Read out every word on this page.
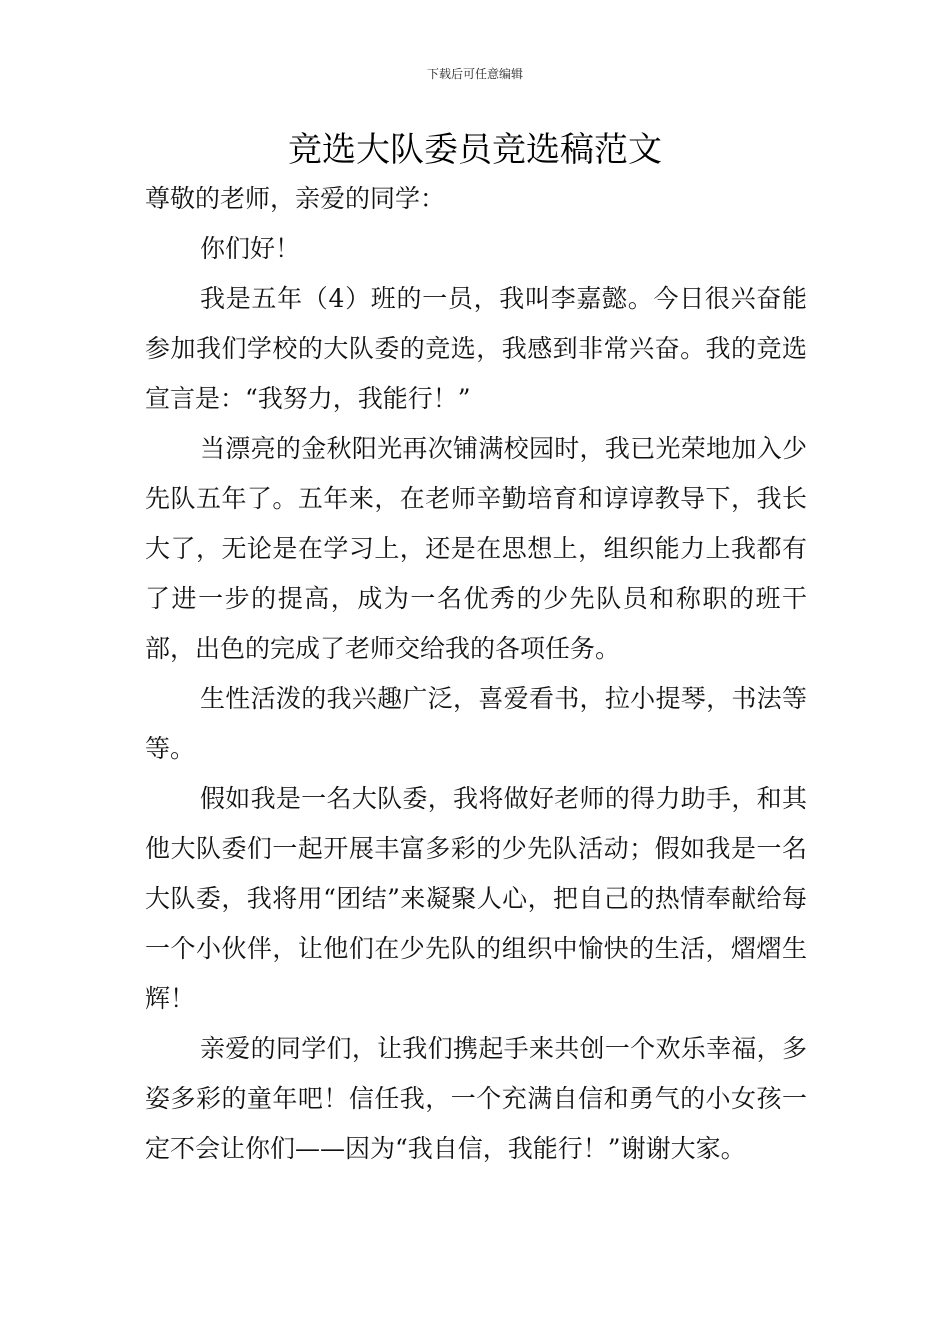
下载后可任意编辑
竞选大队委员竞选稿范文

尊敬的老师，亲爱的同学：

你们好！

我是五年（4）班的一员，我叫李嘉懿。今日很兴奋能参加我们学校的大队委的竞选，我感到非常兴奋。我的竞选宣言是：“我努力，我能行！”

当漂亮的金秋阳光再次铺满校园时，我已光荣地加入少先队五年了。五年来，在老师辛勤培育和谆谆教导下，我长大了，无论是在学习上，还是在思想上，组织能力上我都有了进一步的提高，成为一名优秀的少先队员和称职的班干部，出色的完成了老师交给我的各项任务。

生性活泼的我兴趣广泛，喜爱看书，拉小提琴，书法等等。

假如我是一名大队委，我将做好老师的得力助手，和其他大队委们一起开展丰富多彩的少先队活动；假如我是一名大队委，我将用“团结”来凝聚人心，把自己的热情奉献给每一个小伙伴，让他们在少先队的组织中愉快的生活，熠熠生辉！

亲爱的同学们，让我们携起手来共创一个欢乐幸福，多姿多彩的童年吧！信任我，一个充满自信和勇气的小女孩一定不会让你们——因为“我自信，我能行！”谢谢大家。
